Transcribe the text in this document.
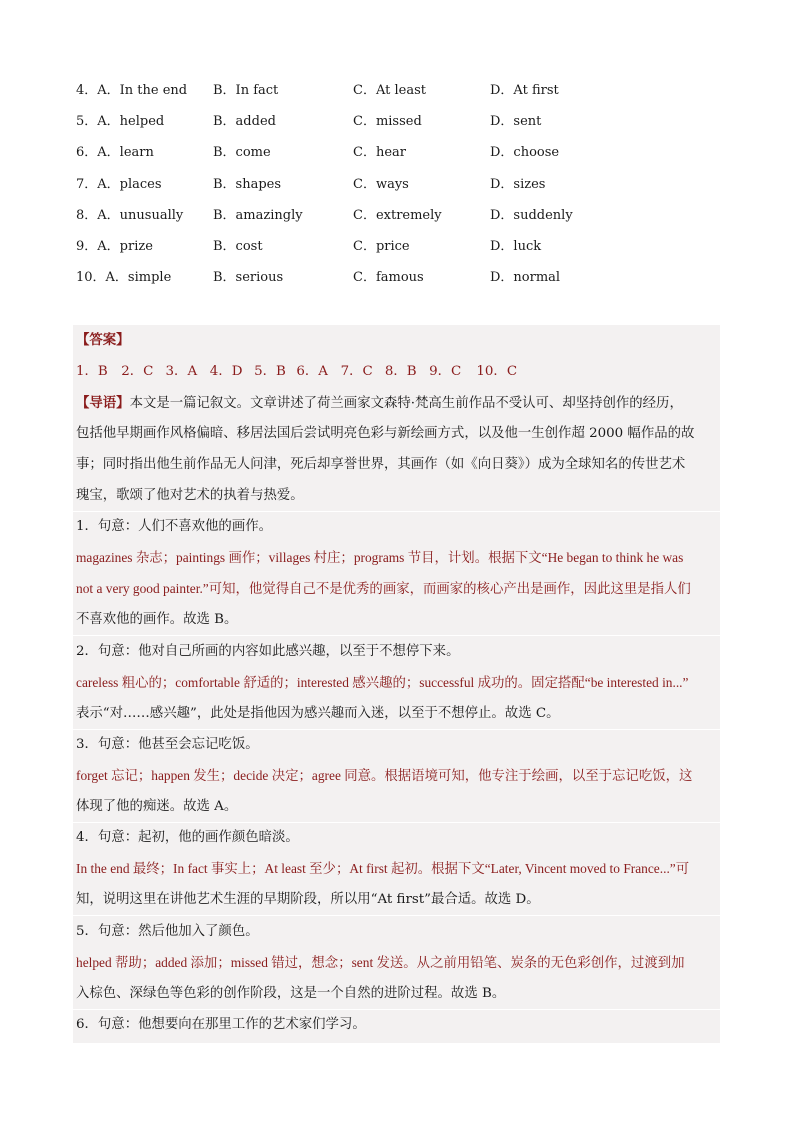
4．A．In the end B．In fact	C．At least	D．At first
5．A．helped	B．added	C．missed	D．sent
6．A．learn	B．come	C．hear	D．choose
7．A．places	B．shapes	C．ways	D．sizes
8．A．unusually B．amazingly	C．extremely	D．suddenly
9．A．prize	B．cost	C．price	D．luck
10．A．simple	B．serious	C．famous	D．normal
【答案】
1．B 2．C 3．A 4．D 5．B 6．A 7．C 8．B 9．C 10．C
【导语】本文是一篇记叙文。文章讲述了荷兰画家文森特·梵高生前作品不受认可、却坚持创作的经历，
包括他早期画作风格偏暗、移居法国后尝试明亮色彩与新绘画方式，以及他一生创作超 2000 幅作品的故
事；同时指出他生前作品无人问津，死后却享誉世界，其画作（如《向日葵》）成为全球知名的传世艺术
瑰宝，歌颂了他对艺术的执着与热爱。
1．句意：人们不喜欢他的画作。
magazines 杂志；paintings 画作；villages 村庄；programs 节目，计划。根据下文“He began to think he was
not a very good painter.”可知，他觉得自己不是优秀的画家，而画家的核心产出是画作，因此这里是指人们
不喜欢他的画作。故选 B。
2．句意：他对自己所画的内容如此感兴趣，以至于不想停下来。
careless 粗心的；comfortable 舒适的；interested 感兴趣的；successful 成功的。固定搭配“be interested in...”
表示“对……感兴趣”，此处是指他因为感兴趣而入迷，以至于不想停止。故选 C。
3．句意：他甚至会忘记吃饭。
forget 忘记；happen 发生；decide 决定；agree 同意。根据语境可知，他专注于绘画，以至于忘记吃饭，这
体现了他的痴迷。故选 A。
4．句意：起初，他的画作颜色暗淡。
In the end 最终；In fact 事实上；At least 至少；At first 起初。根据下文“Later, Vincent moved to France...”可
知，说明这里在讲他艺术生涯的早期阶段，所以用“At first”最合适。故选 D。
5．句意：然后他加入了颜色。
helped 帮助；added 添加；missed 错过，想念；sent 发送。从之前用铅笔、炭条的无色彩创作，过渡到加
入棕色、深绿色等色彩的创作阶段，这是一个自然的进阶过程。故选 B。
6．句意：他想要向在那里工作的艺术家们学习。
